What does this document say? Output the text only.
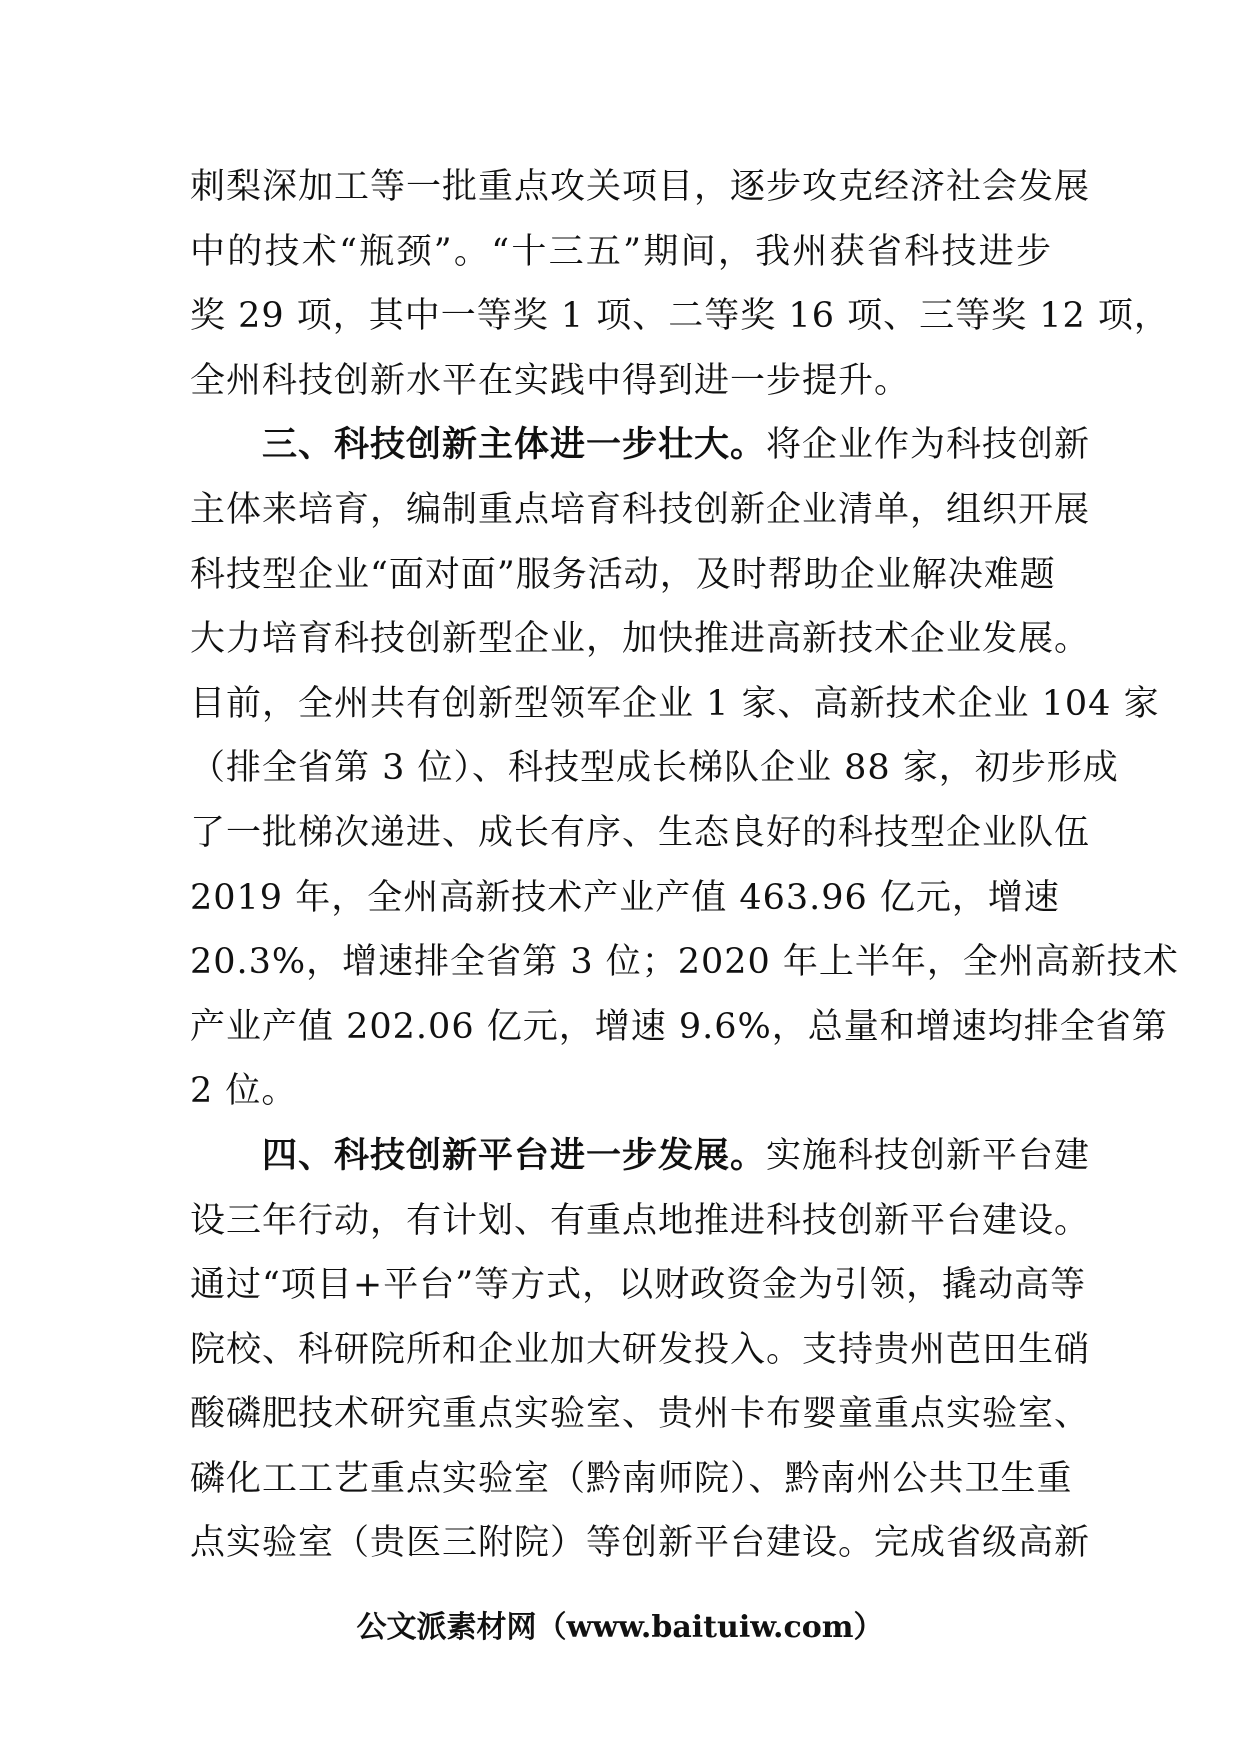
刺梨深加工等一批重点攻关项目，逐步攻克经济社会发展
中的技术“瓶颈”。“十三五”期间，我州获省科技进步
奖 29 项，其中一等奖 1 项、二等奖 16 项、三等奖 12 项，
全州科技创新水平在实践中得到进一步提升。
三、科技创新主体进一步壮大。将企业作为科技创新
主体来培育，编制重点培育科技创新企业清单，组织开展
科技型企业“面对面”服务活动，及时帮助企业解决难题
大力培育科技创新型企业，加快推进高新技术企业发展。
目前，全州共有创新型领军企业 1 家、高新技术企业 104 家
（排全省第 3 位）、科技型成长梯队企业 88 家，初步形成
了一批梯次递进、成长有序、生态良好的科技型企业队伍
2019 年，全州高新技术产业产值 463.96 亿元，增速
20.3%，增速排全省第 3 位；2020 年上半年，全州高新技术
产业产值 202.06 亿元，增速 9.6%，总量和增速均排全省第
2 位。
四、科技创新平台进一步发展。实施科技创新平台建
设三年行动，有计划、有重点地推进科技创新平台建设。
通过“项目+平台”等方式，以财政资金为引领，撬动高等
院校、科研院所和企业加大研发投入。支持贵州芭田生硝
酸磷肥技术研究重点实验室、贵州卡布婴童重点实验室、
磷化工工艺重点实验室（黔南师院）、黔南州公共卫生重
点实验室（贵医三附院）等创新平台建设。完成省级高新
公文派素材网（www.baituiw.com）
